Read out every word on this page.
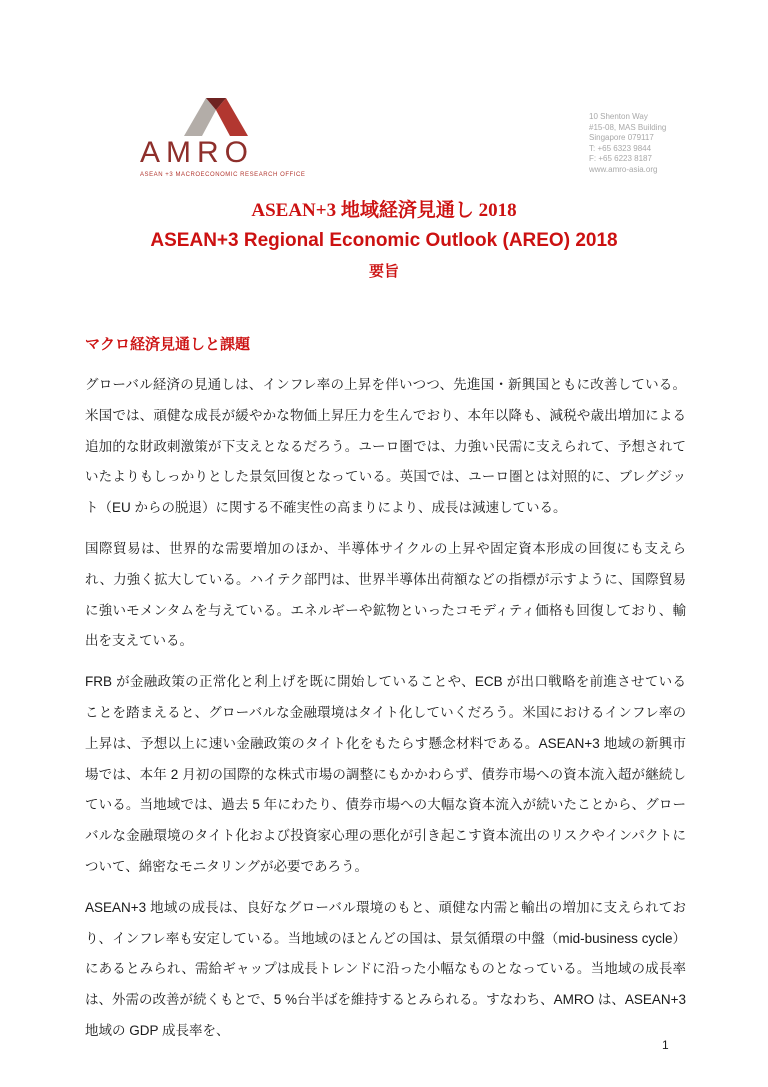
AMRO
ASEAN +3 MACROECONOMIC RESEARCH OFFICE
10 Shenton Way
#15-08, MAS Building
Singapore 079117
T: +65 6323 9844
F: +65 6223 8187
www.amro-asia.org
ASEAN+3 地域経済見通し 2018
ASEAN+3 Regional Economic Outlook (AREO) 2018
要旨
マクロ経済見通しと課題

グローバル経済の見通しは、インフレ率の上昇を伴いつつ、先進国・新興国ともに改善している。米国では、頑健な成長が緩やかな物価上昇圧力を生んでおり、本年以降も、減税や歳出増加による追加的な財政刺激策が下支えとなるだろう。ユーロ圏では、力強い民需に支えられて、予想されていたよりもしっかりとした景気回復となっている。英国では、ユーロ圏とは対照的に、ブレグジット（EU からの脱退）に関する不確実性の高まりにより、成長は減速している。

国際貿易は、世界的な需要増加のほか、半導体サイクルの上昇や固定資本形成の回復にも支えられ、力強く拡大している。ハイテク部門は、世界半導体出荷額などの指標が示すように、国際貿易に強いモメンタムを与えている。エネルギーや鉱物といったコモディティ価格も回復しており、輸出を支えている。

FRB が金融政策の正常化と利上げを既に開始していることや、ECB が出口戦略を前進させていることを踏まえると、グローバルな金融環境はタイト化していくだろう。米国におけるインフレ率の上昇は、予想以上に速い金融政策のタイト化をもたらす懸念材料である。ASEAN+3 地域の新興市場では、本年 2 月初の国際的な株式市場の調整にもかかわらず、債券市場への資本流入超が継続している。当地域では、過去 5 年にわたり、債券市場への大幅な資本流入が続いたことから、グローバルな金融環境のタイト化および投資家心理の悪化が引き起こす資本流出のリスクやインパクトについて、綿密なモニタリングが必要であろう。

ASEAN+3 地域の成長は、良好なグローバル環境のもと、頑健な内需と輸出の増加に支えられており、インフレ率も安定している。当地域のほとんどの国は、景気循環の中盤（mid-business cycle）にあるとみられ、需給ギャップは成長トレンドに沿った小幅なものとなっている。当地域の成長率は、外需の改善が続くもとで、5 %台半ばを維持するとみられる。すなわち、AMRO は、ASEAN+3 地域の GDP 成長率を、

1
